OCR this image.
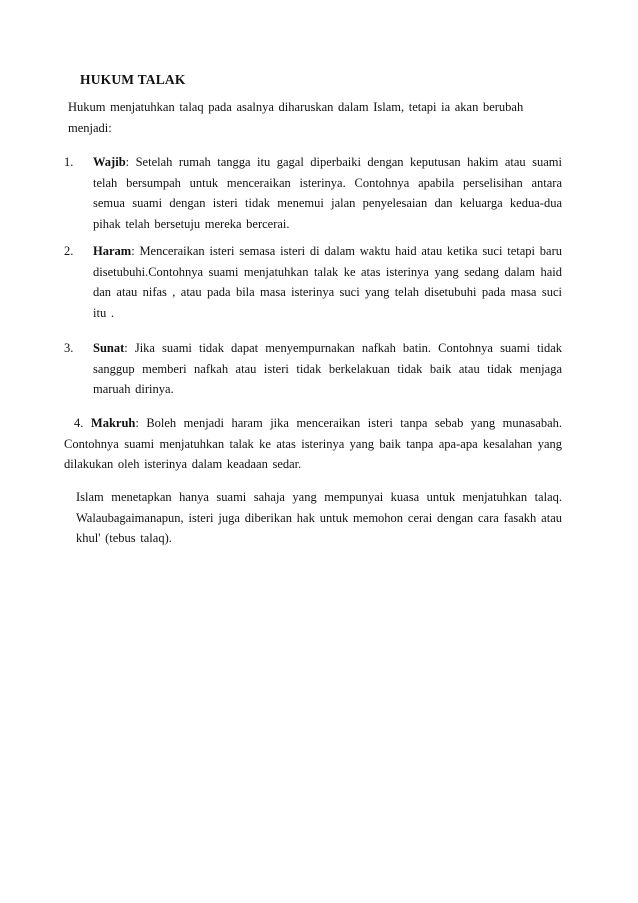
HUKUM TALAK
Hukum menjatuhkan talaq pada asalnya diharuskan dalam Islam, tetapi ia akan berubah menjadi:
1. Wajib: Setelah rumah tangga itu gagal diperbaiki dengan keputusan hakim atau suami telah bersumpah untuk menceraikan isterinya. Contohnya apabila perselisihan antara semua suami dengan isteri tidak menemui jalan penyelesaian dan keluarga kedua-dua pihak telah bersetuju mereka bercerai.
2. Haram: Menceraikan isteri semasa isteri di dalam waktu haid atau ketika suci tetapi baru disetubuhi.Contohnya suami menjatuhkan talak ke atas isterinya yang sedang dalam haid dan atau nifas , atau pada bila masa isterinya suci yang telah disetubuhi pada masa suci itu .
3. Sunat: Jika suami tidak dapat menyempurnakan nafkah batin. Contohnya suami tidak sanggup memberi nafkah atau isteri tidak berkelakuan tidak baik atau tidak menjaga maruah dirinya.
4. Makruh: Boleh menjadi haram jika menceraikan isteri tanpa sebab yang munasabah. Contohnya suami menjatuhkan talak ke atas isterinya yang baik tanpa apa-apa kesalahan yang dilakukan oleh isterinya dalam keadaan sedar.
Islam menetapkan hanya suami sahaja yang mempunyai kuasa untuk menjatuhkan talaq. Walaubagaimanapun, isteri juga diberikan hak untuk memohon cerai dengan cara fasakh atau khul' (tebus talaq).
